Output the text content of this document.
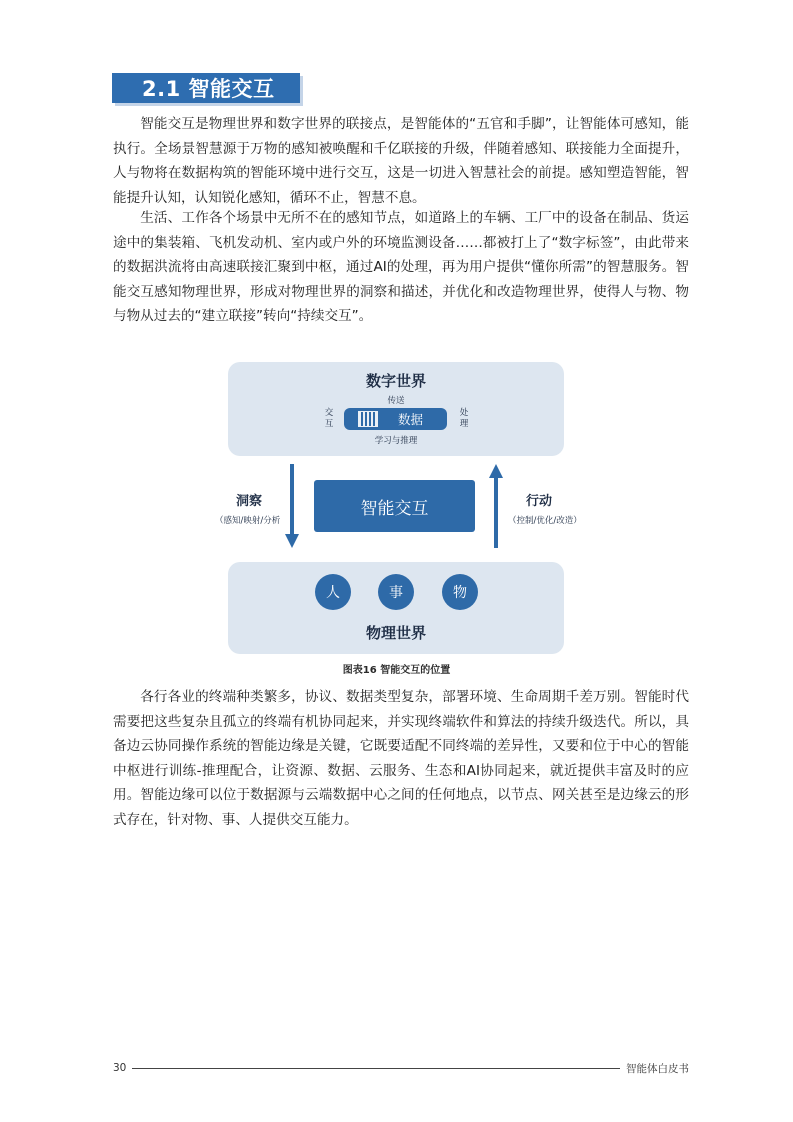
2.1 智能交互

智能交互是物理世界和数字世界的联接点，是智能体的“五官和手脚”，让智能体可感知，能执行。全场景智慧源于万物的感知被唤醒和千亿联接的升级，伴随着感知、联接能力全面提升，人与物将在数据构筑的智能环境中进行交互，这是一切进入智慧社会的前提。感知塑造智能，智能提升认知，认知锐化感知，循环不止，智慧不息。

生活、工作各个场景中无所不在的感知节点，如道路上的车辆、工厂中的设备在制品、货运途中的集装箱、飞机发动机、室内或户外的环境监测设备……都被打上了“数字标签”，由此带来的数据洪流将由高速联接汇聚到中枢，通过AI的处理，再为用户提供“懂你所需”的智慧服务。智能交互感知物理世界，形成对物理世界的洞察和描述，并优化和改造物理世界，使得人与物、物与物从过去的“建立联接”转向“持续交互”。

数字世界
传送
交互	数据	处理
学习与推理
洞察
（感知/映射/分析
智能交互	行动
（控制/优化/改造）
物理世界
人	事	物
图表16 智能交互的位置

各行各业的终端种类繁多，协议、数据类型复杂，部署环境、生命周期千差万别。智能时代需要把这些复杂且孤立的终端有机协同起来，并实现终端软件和算法的持续升级迭代。所以，具备边云协同操作系统的智能边缘是关键，它既要适配不同终端的差异性，又要和位于中心的智能中枢进行训练-推理配合，让资源、数据、云服务、生态和AI协同起来，就近提供丰富及时的应用。智能边缘可以位于数据源与云端数据中心之间的任何地点，以节点、网关甚至是边缘云的形式存在，针对物、事、人提供交互能力。

30	智能体白皮书
